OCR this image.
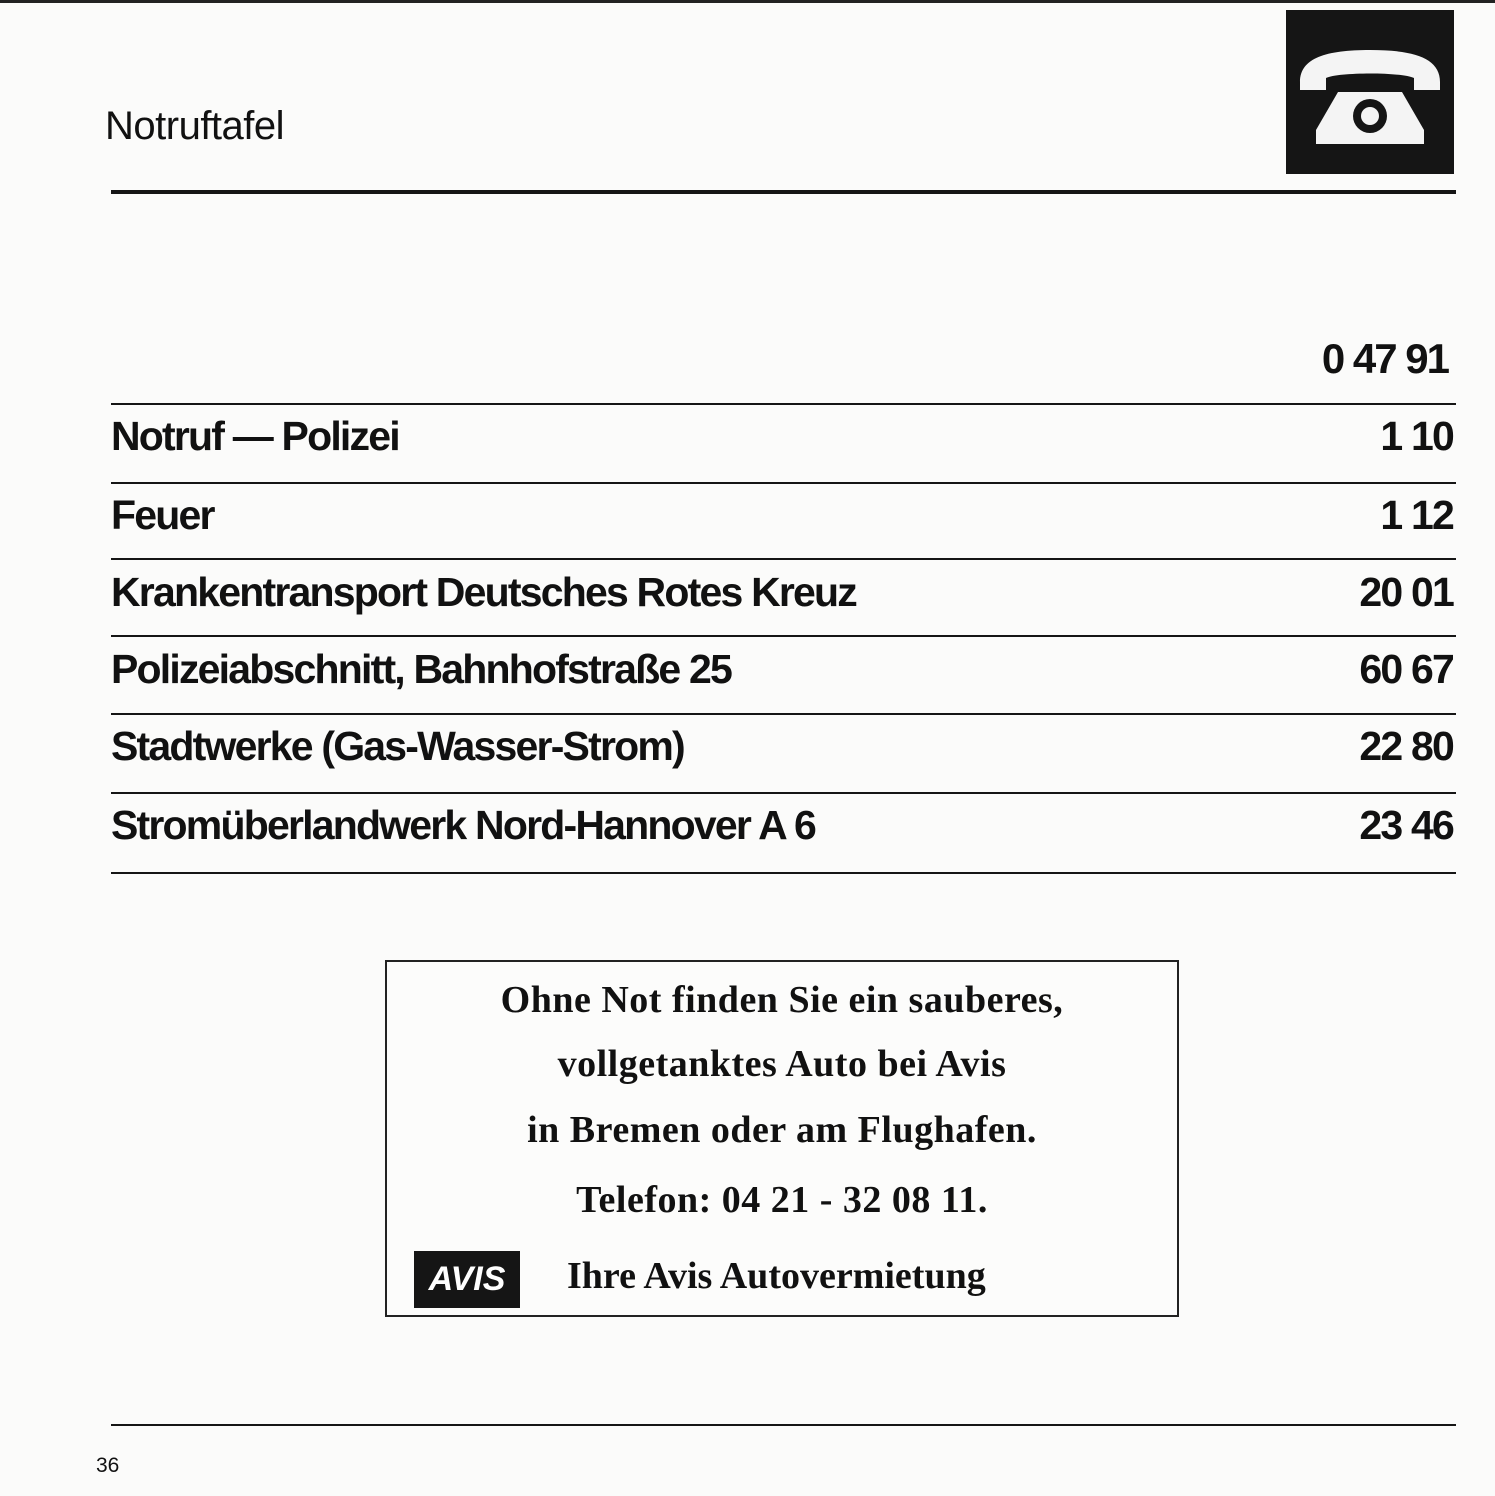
Notruftafel
0 47 91
Notruf — Polizei	1 10
Feuer	1 12
Krankentransport Deutsches Rotes Kreuz	20 01
Polizeiabschnitt, Bahnhofstraße 25	60 67
Stadtwerke (Gas-Wasser-Strom)	22 80
Stromüberlandwerk Nord-Hannover A 6	23 46
Ohne Not finden Sie ein sauberes,
vollgetanktes Auto bei Avis
in Bremen oder am Flughafen.
Telefon: 04 21 - 32 08 11.
AVIS	Ihre Avis Autovermietung
36
